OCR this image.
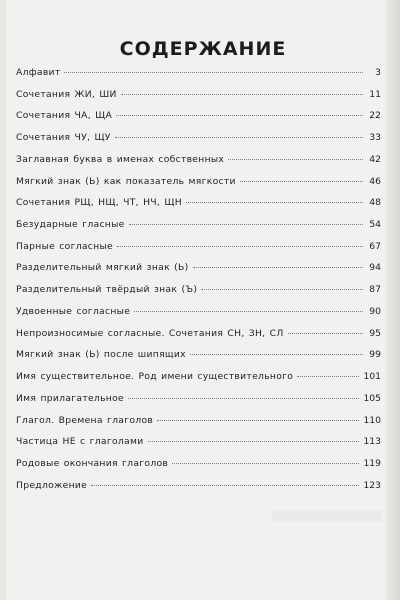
СОДЕРЖАНИЕ
Алфавит	3
Сочетания ЖИ, ШИ	11
Сочетания ЧА, ЩА	22
Сочетания ЧУ, ЩУ	33
Заглавная буква в именах собственных	42
Мягкий знак (Ь) как показатель мягкости	46
Сочетания РЩ, НЩ, ЧТ, НЧ, ЩН	48
Безударные гласные	54
Парные согласные	67
Разделительный мягкий знак (Ь)	94
Разделительный твёрдый знак (Ъ)	87
Удвоенные согласные	90
Непроизносимые согласные. Сочетания СН, ЗН, СЛ	95
Мягкий знак (Ь) после шипящих	99
Имя существительное. Род имени существительного	101
Имя прилагательное	105
Глагол. Времена глаголов	110
Частица НЕ с глаголами	113
Родовые окончания глаголов	119
Предложение	123
